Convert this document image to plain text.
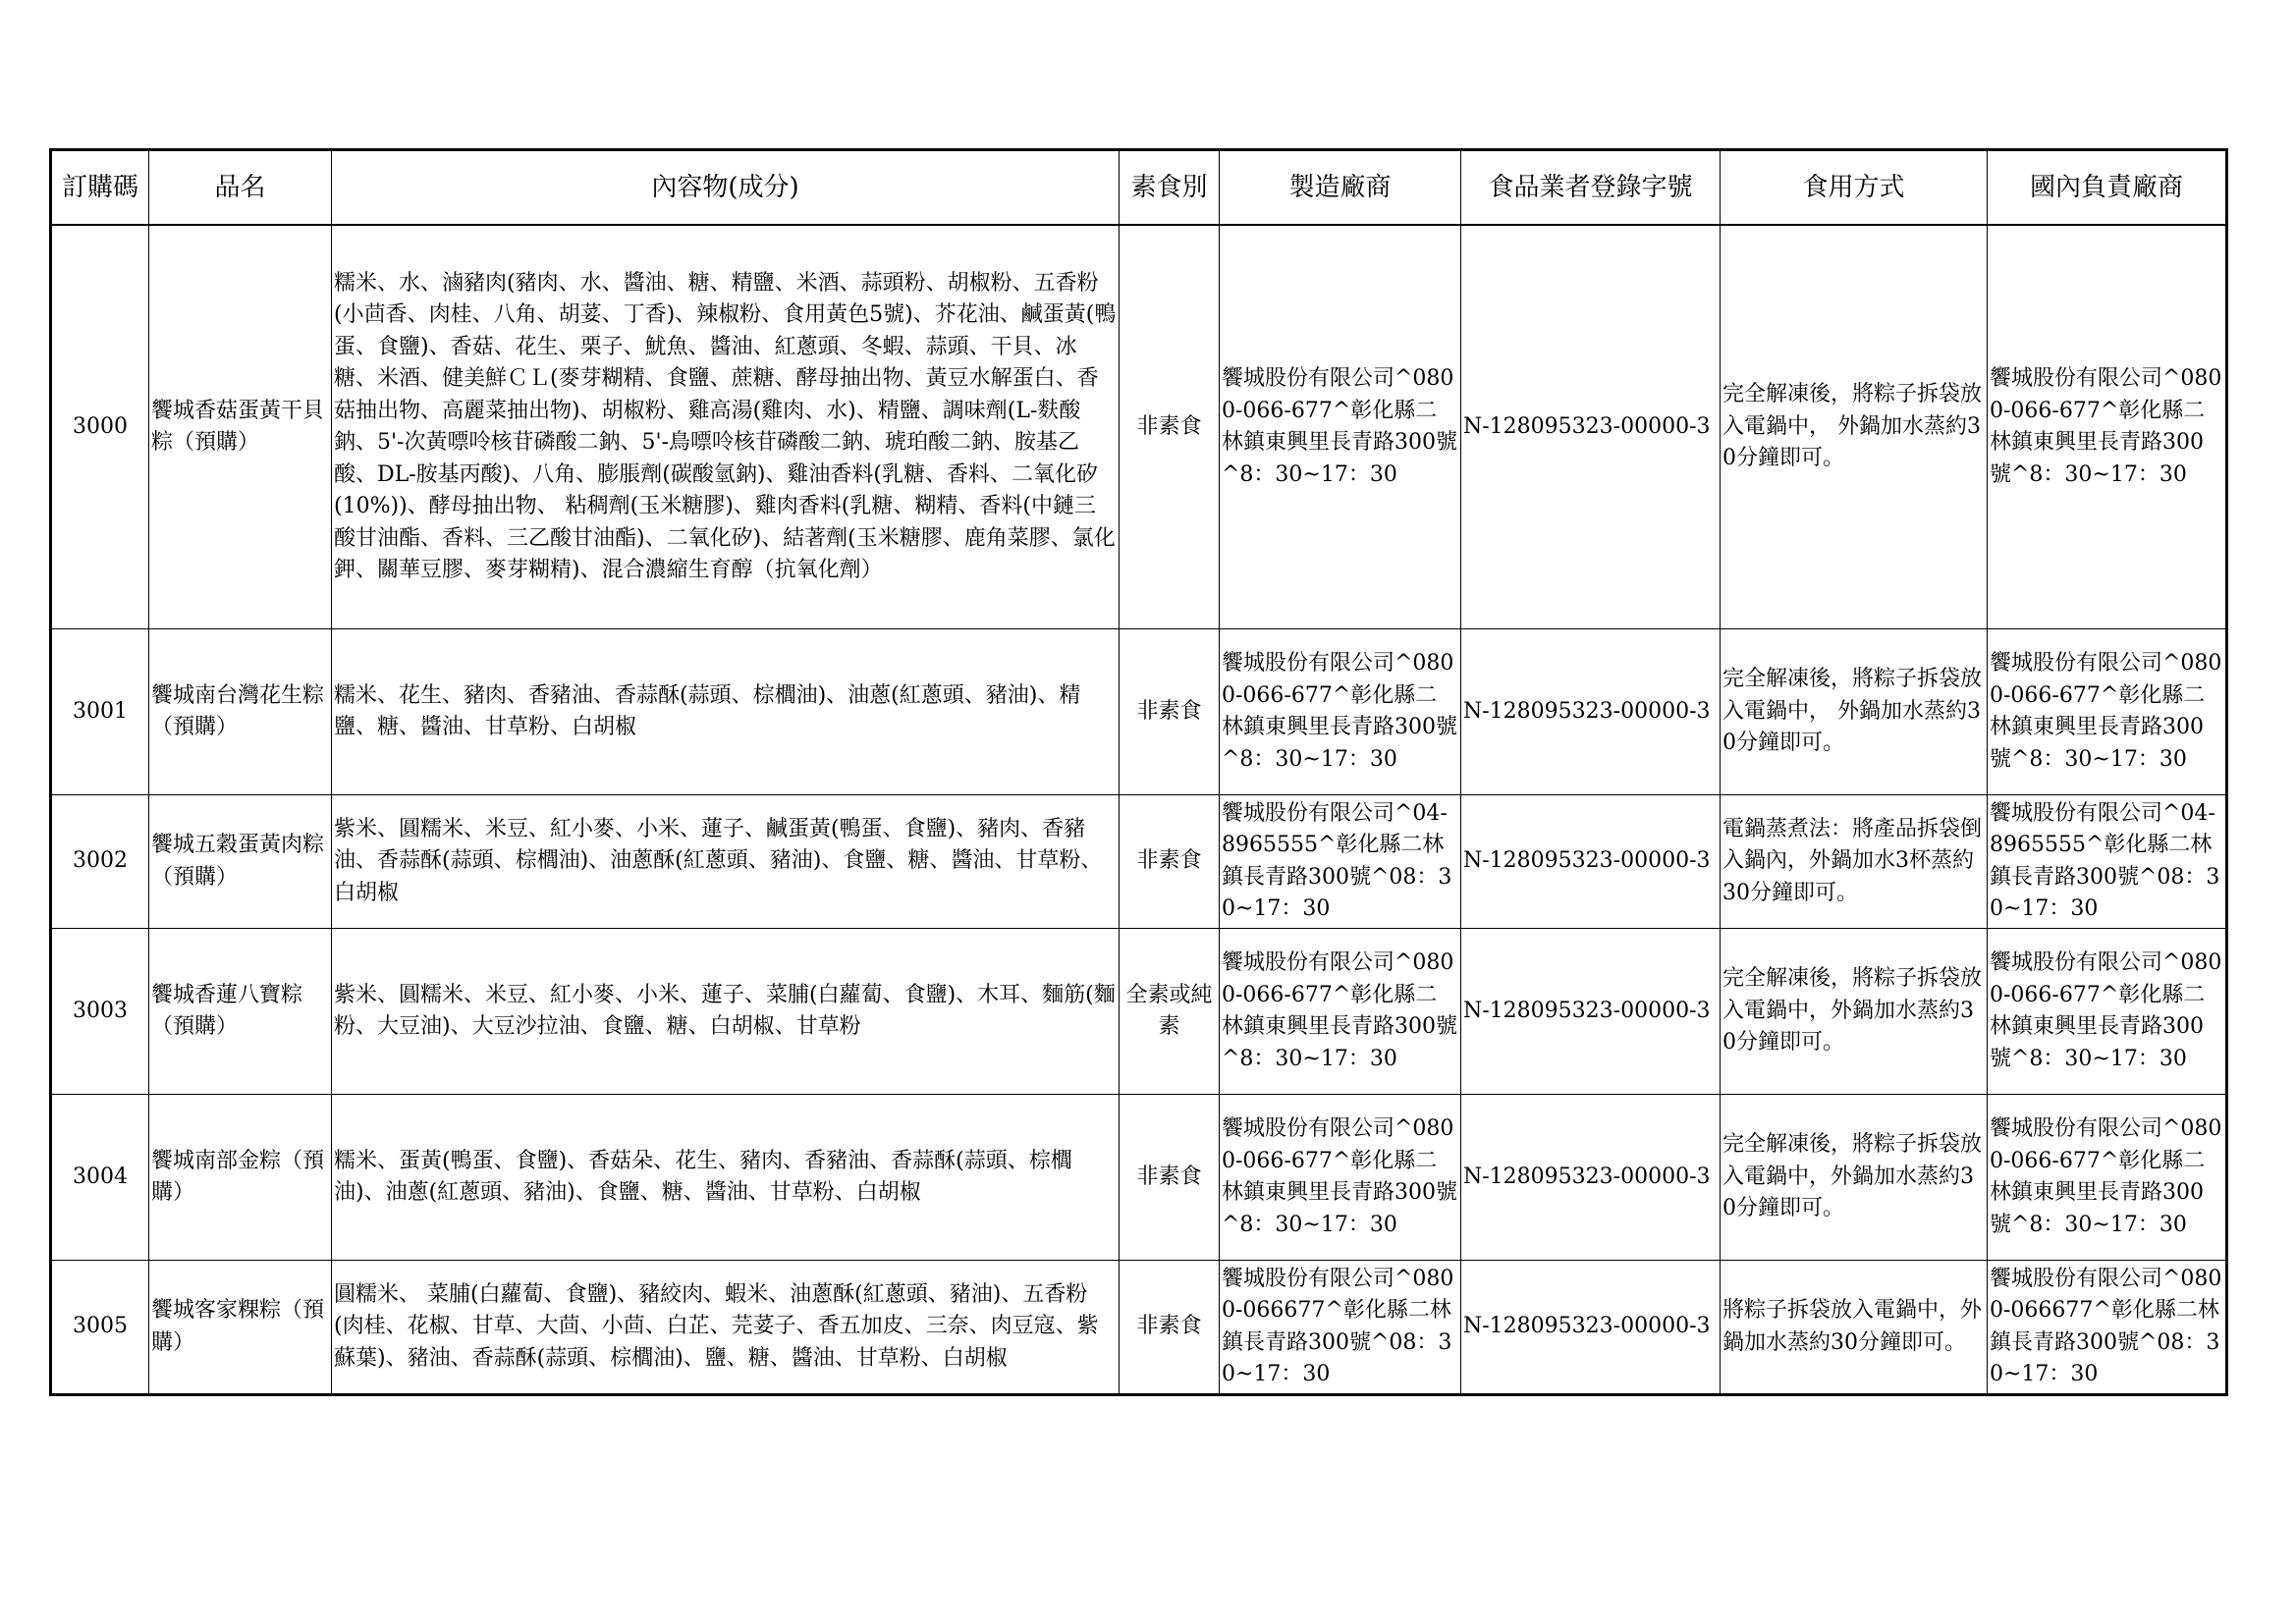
訂購碼	品名	內容物(成分)	素食別	製造廠商	食品業者登錄字號	食用方式	國內負責廠商
3000	饗城香菇蛋黃干貝粽（預購）	糯米、水、滷豬肉(豬肉、水、醬油、糖、精鹽、米酒、蒜頭粉、胡椒粉、五香粉(小茴香、肉桂、八角、胡荽、丁香)、辣椒粉、食用黃色5號)、芥花油、鹹蛋黃(鴨蛋、食鹽)、香菇、花生、栗子、魷魚、醬油、紅蔥頭、冬蝦、蒜頭、干貝、冰糖、米酒、健美鮮ＣＬ(麥芽糊精、食鹽、蔗糖、酵母抽出物、黃豆水解蛋白、香菇抽出物、高麗菜抽出物)、胡椒粉、雞高湯(雞肉、水)、精鹽、調味劑(L-麩酸鈉、5'-次黃嘌呤核苷磷酸二鈉、5'-鳥嘌呤核苷磷酸二鈉、琥珀酸二鈉、胺基乙酸、DL-胺基丙酸)、八角、膨脹劑(碳酸氫鈉)、雞油香料(乳糖、香料、二氧化矽(10%))、酵母抽出物、 粘稠劑(玉米糖膠)、雞肉香料(乳糖、糊精、香料(中鏈三酸甘油酯、香料、三乙酸甘油酯)、二氧化矽)、結著劑(玉米糖膠、鹿角菜膠、氯化鉀、關華豆膠、麥芽糊精)、混合濃縮生育醇（抗氧化劑）	非素食	饗城股份有限公司^0800-066-677^彰化縣二林鎮東興里長青路300號^8：30~17：30	N-128095323-00000-3	完全解凍後，將粽子拆袋放入電鍋中， 外鍋加水蒸約30分鐘即可。	饗城股份有限公司^0800-066-677^彰化縣二林鎮東興里長青路300號^8：30~17：30
3001	饗城南台灣花生粽（預購）	糯米、花生、豬肉、香豬油、香蒜酥(蒜頭、棕櫚油)、油蔥(紅蔥頭、豬油)、精鹽、糖、醬油、甘草粉、白胡椒	非素食	饗城股份有限公司^0800-066-677^彰化縣二林鎮東興里長青路300號^8：30~17：30	N-128095323-00000-3	完全解凍後，將粽子拆袋放入電鍋中， 外鍋加水蒸約30分鐘即可。	饗城股份有限公司^0800-066-677^彰化縣二林鎮東興里長青路300號^8：30~17：30
3002	饗城五穀蛋黃肉粽（預購）	紫米、圓糯米、米豆、紅小麥、小米、蓮子、鹹蛋黃(鴨蛋、食鹽)、豬肉、香豬油、香蒜酥(蒜頭、棕櫚油)、油蔥酥(紅蔥頭、豬油)、食鹽、糖、醬油、甘草粉、白胡椒	非素食	饗城股份有限公司^04-8965555^彰化縣二林鎮長青路300號^08：30~17：30	N-128095323-00000-3	電鍋蒸煮法：將產品拆袋倒入鍋內，外鍋加水3杯蒸約30分鐘即可。	饗城股份有限公司^04-8965555^彰化縣二林鎮長青路300號^08：30~17：30
3003	饗城香蓮八寶粽（預購）	紫米、圓糯米、米豆、紅小麥、小米、蓮子、菜脯(白蘿蔔、食鹽)、木耳、麵筋(麵粉、大豆油)、大豆沙拉油、食鹽、糖、白胡椒、甘草粉	全素或純素	饗城股份有限公司^0800-066-677^彰化縣二林鎮東興里長青路300號^8：30~17：30	N-128095323-00000-3	完全解凍後，將粽子拆袋放入電鍋中，外鍋加水蒸約30分鐘即可。	饗城股份有限公司^0800-066-677^彰化縣二林鎮東興里長青路300號^8：30~17：30
3004	饗城南部金粽（預購）	糯米、蛋黃(鴨蛋、食鹽)、香菇朵、花生、豬肉、香豬油、香蒜酥(蒜頭、棕櫚油)、油蔥(紅蔥頭、豬油)、食鹽、糖、醬油、甘草粉、白胡椒	非素食	饗城股份有限公司^0800-066-677^彰化縣二林鎮東興里長青路300號^8：30~17：30	N-128095323-00000-3	完全解凍後，將粽子拆袋放入電鍋中，外鍋加水蒸約30分鐘即可。	饗城股份有限公司^0800-066-677^彰化縣二林鎮東興里長青路300號^8：30~17：30
3005	饗城客家粿粽（預購）	圓糯米、 菜脯(白蘿蔔、食鹽)、豬絞肉、蝦米、油蔥酥(紅蔥頭、豬油)、五香粉(肉桂、花椒、甘草、大茴、小茴、白芷、芫荽子、香五加皮、三奈、肉豆寇、紫蘇葉)、豬油、香蒜酥(蒜頭、棕櫚油)、鹽、糖、醬油、甘草粉、白胡椒	非素食	饗城股份有限公司^0800-066677^彰化縣二林鎮長青路300號^08：30~17：30	N-128095323-00000-3	將粽子拆袋放入電鍋中，外鍋加水蒸約30分鐘即可。	饗城股份有限公司^0800-066677^彰化縣二林鎮長青路300號^08：30~17：30
